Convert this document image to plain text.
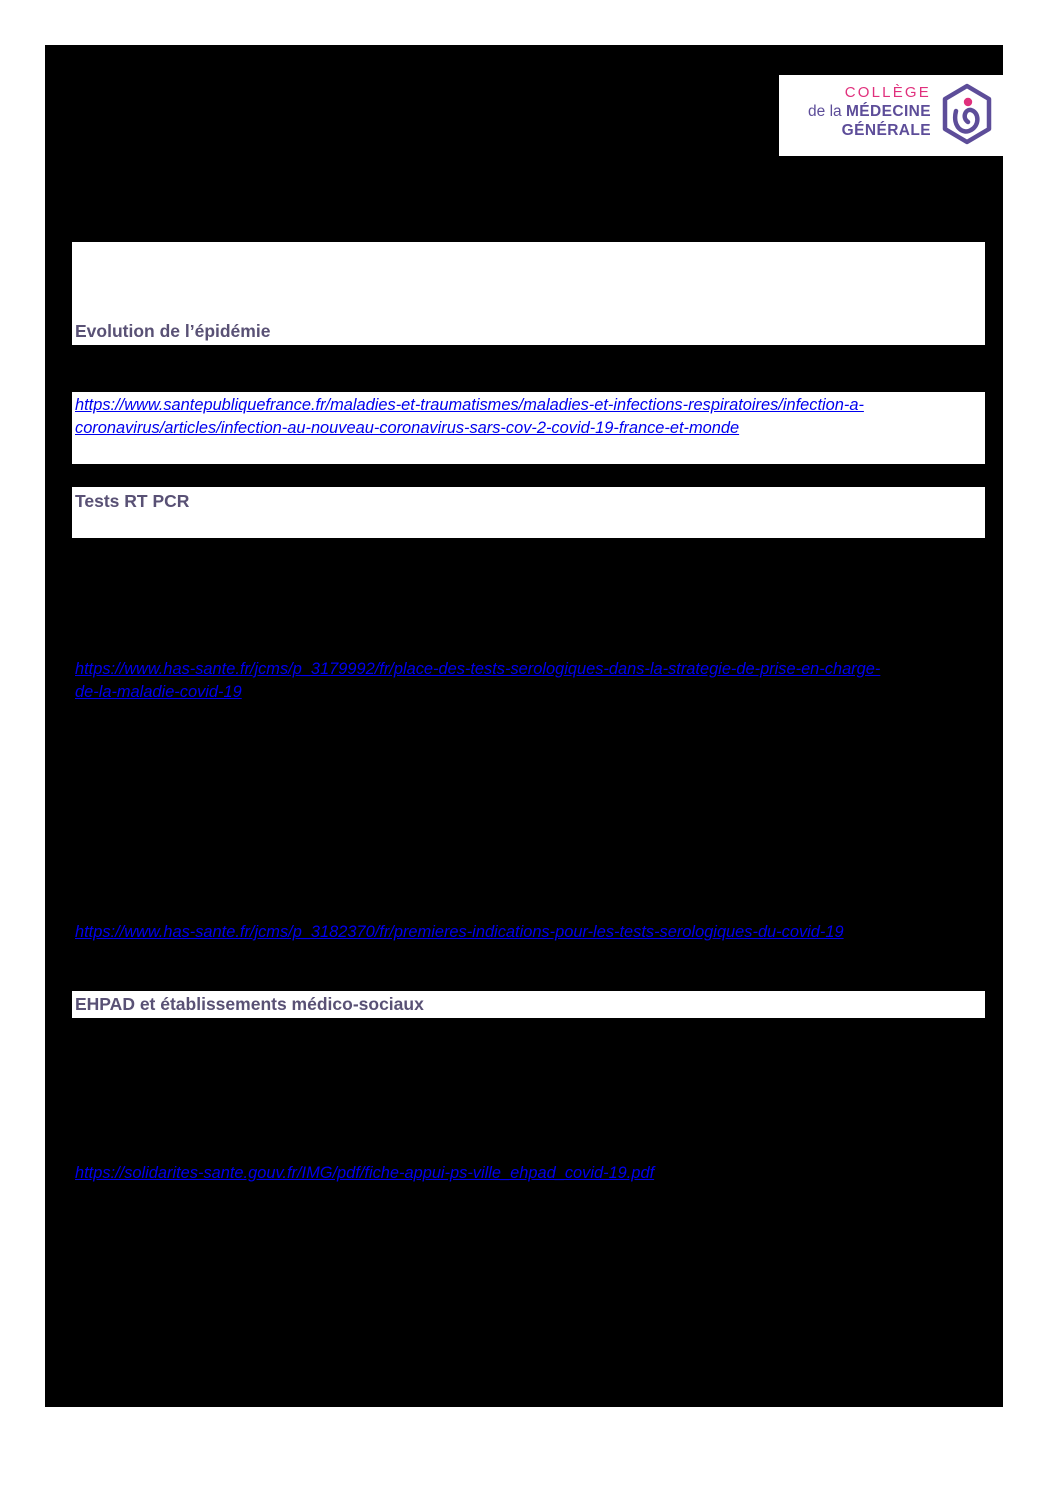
COLLÈGE
de la MÉDECINE
GÉNÉRALE
Evolution de l’épidémie
https://www.santepubliquefrance.fr/maladies-et-traumatismes/maladies-et-infections-respiratoires/infection-a-
coronavirus/articles/infection-au-nouveau-coronavirus-sars-cov-2-covid-19-france-et-monde
Tests RT PCR
https://www.has-sante.fr/jcms/p_3179992/fr/place-des-tests-serologiques-dans-la-strategie-de-prise-en-charge-
de-la-maladie-covid-19
https://www.has-sante.fr/jcms/p_3182370/fr/premieres-indications-pour-les-tests-serologiques-du-covid-19
EHPAD et établissements médico-sociaux
https://solidarites-sante.gouv.fr/IMG/pdf/fiche-appui-ps-ville_ehpad_covid-19.pdf
